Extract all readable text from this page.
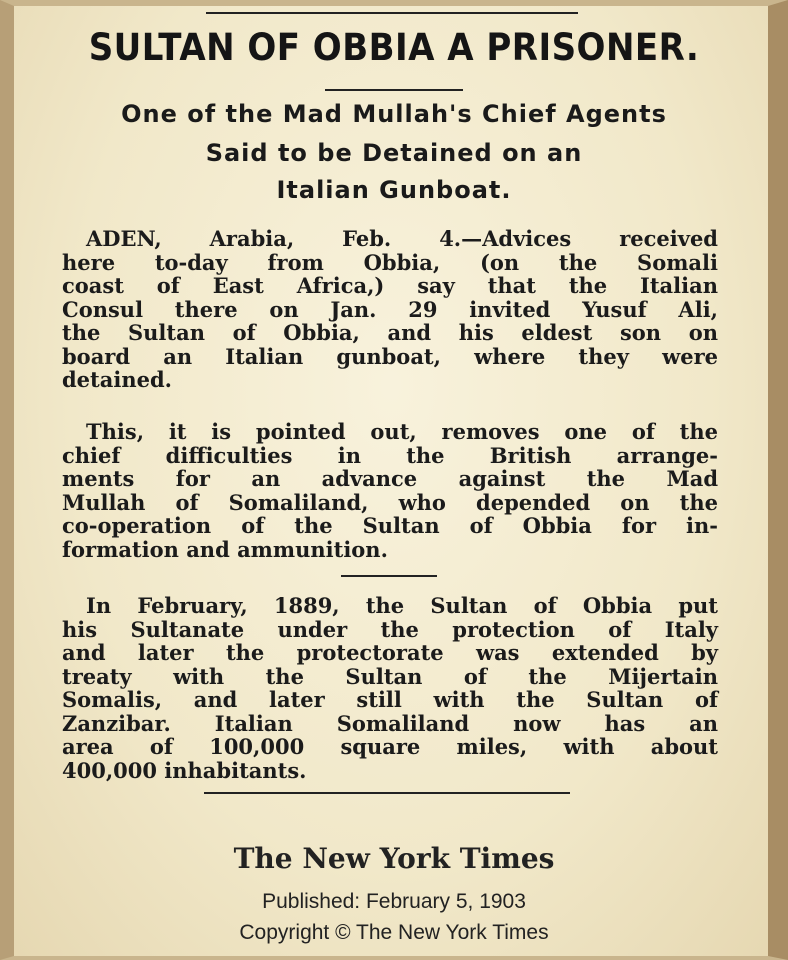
SULTAN OF OBBIA A PRISONER.
One of the Mad Mullah's Chief Agents
Said to be Detained on an
Italian Gunboat.
ADEN, Arabia, Feb. 4.—Advices received
here to-day from Obbia, (on the Somali
coast of East Africa,) say that the Italian
Consul there on Jan. 29 invited Yusuf Ali,
the Sultan of Obbia, and his eldest son on
board an Italian gunboat, where they were
detained.
This, it is pointed out, removes one of the
chief difficulties in the British arrange-
ments for an advance against the Mad
Mullah of Somaliland, who depended on the
co-operation of the Sultan of Obbia for in-
formation and ammunition.
In February, 1889, the Sultan of Obbia put
his Sultanate under the protection of Italy
and later the protectorate was extended by
treaty with the Sultan of the Mijertain
Somalis, and later still with the Sultan of
Zanzibar. Italian Somaliland now has an
area of 100,000 square miles, with about
400,000 inhabitants.
The New York Times
Published: February 5, 1903
Copyright © The New York Times
